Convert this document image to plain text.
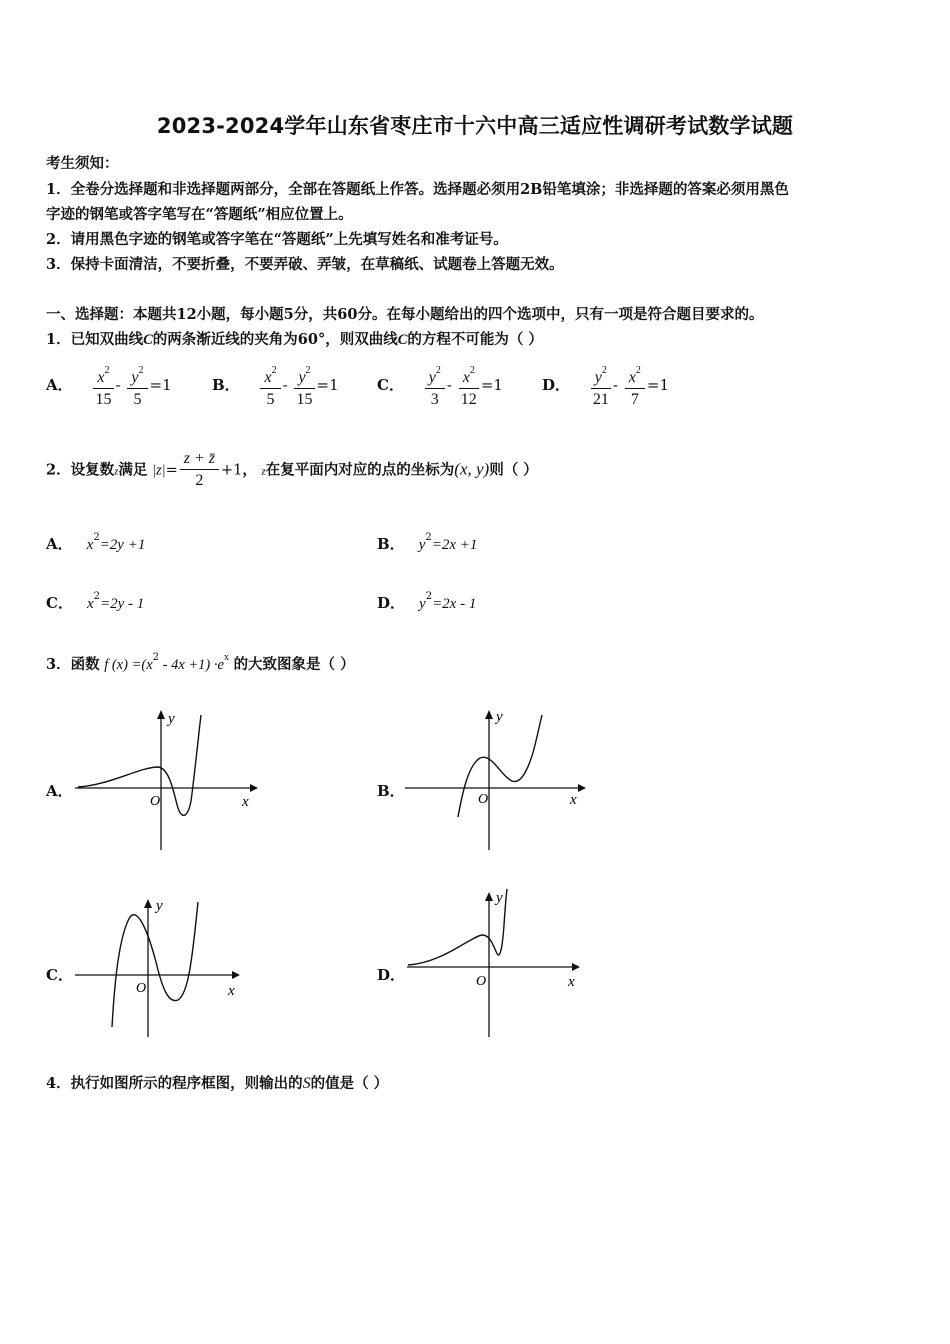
2023-2024学年山东省枣庄市十六中高三适应性调研考试数学试题
考生须知：
1．全卷分选择题和非选择题两部分，全部在答题纸上作答。选择题必须用2B铅笔填涂；非选择题的答案必须用黑色
字迹的钢笔或答字笔写在“答题纸”相应位置上。
2．请用黑色字迹的钢笔或答字笔在“答题纸”上先填写姓名和准考证号。
3．保持卡面清洁，不要折叠，不要弄破、弄皱，在草稿纸、试题卷上答题无效。
一、选择题：本题共12小题，每小题5分，共60分。在每小题给出的四个选项中，只有一项是符合题目要求的。
1．已知双曲线C的两条渐近线的夹角为60°，则双曲线C的方程不可能为（ ）
A． $\frac{x^2}{15} - \frac{y^2}{5} =1$	B． $\frac{x^2}{5} - \frac{y^2}{15} =1$	C． $\frac{y^2}{3} - \frac{x^2}{12} =1$	D． $\frac{y^2}{21} - \frac{x^2}{7} =1$
2．设复数z满足 $|z|= \frac{z + z̄}{2} +1$， z在复平面内对应的点的坐标为(x, y)则（ ）
A． $x^2=2y +1$	B． $y^2=2x +1$
C． $x^2=2y - 1$	D． $y^2=2x - 1$
3．函数 f $(x) =(x^2 - 4x +1) \cdot e^x$ 的大致图象是（ ）
A．
O	x
y
B．	O	x
y
C．
O	x
y
D．	O	x
y
4．执行如图所示的程序框图，则输出的S的值是（ ）
